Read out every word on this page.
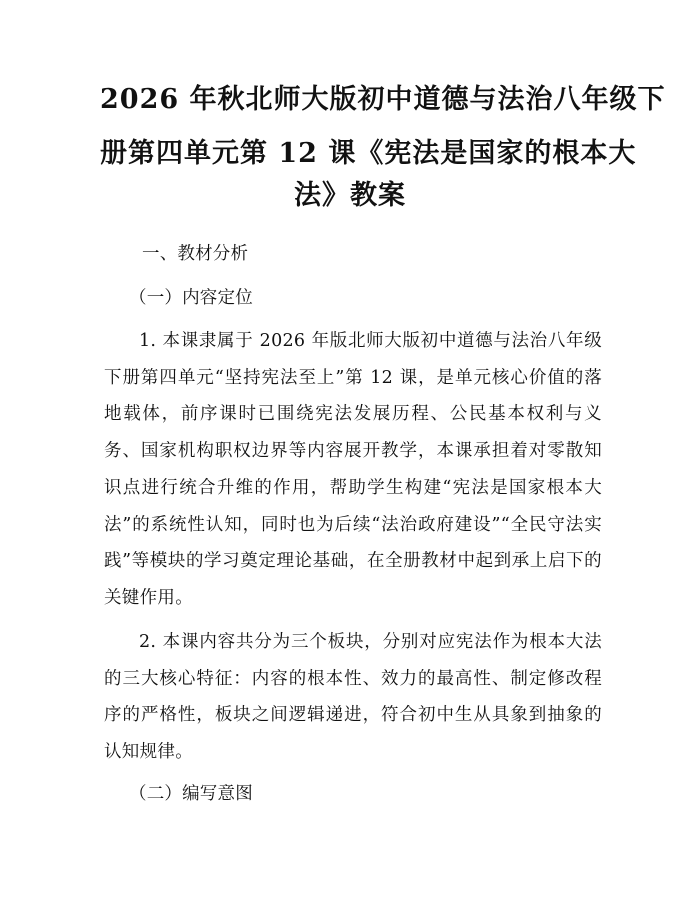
2026 年秋北师大版初中道德与法治八年级下
册第四单元第 12 课《宪法是国家的根本大
法》教案
一、教材分析
（一）内容定位

1. 本课隶属于 2026 年版北师大版初中道德与法治八年级下册第四单元“坚持宪法至上”第 12 课，是单元核心价值的落地载体，前序课时已围绕宪法发展历程、公民基本权利与义务、国家机构职权边界等内容展开教学，本课承担着对零散知识点进行统合升维的作用，帮助学生构建“宪法是国家根本大法”的系统性认知，同时也为后续“法治政府建设”“全民守法实践”等模块的学习奠定理论基础，在全册教材中起到承上启下的关键作用。

2. 本课内容共分为三个板块，分别对应宪法作为根本大法的三大核心特征：内容的根本性、效力的最高性、制定修改程序的严格性，板块之间逻辑递进，符合初中生从具象到抽象的认知规律。

（二）编写意图
